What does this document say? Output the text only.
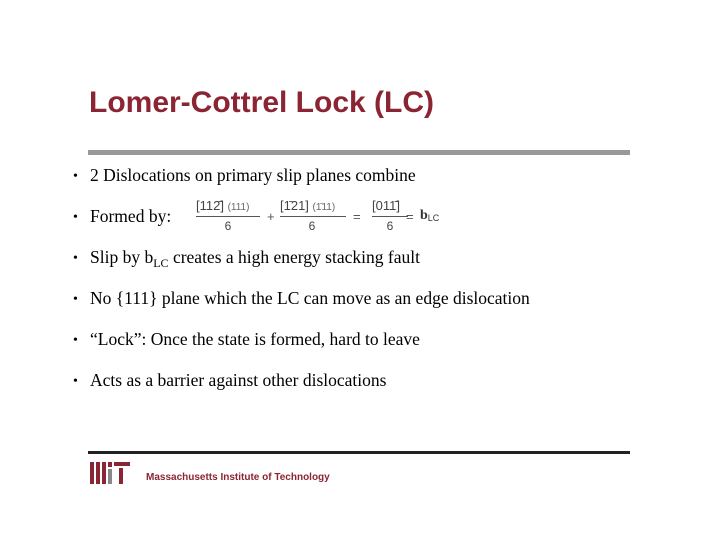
Lomer-Cottrel Lock (LC)
• 2 Dislocations on primary slip planes combine
• Formed by:
[112̄] (111)
6
+
[1̄21] (1̄11)
6
=
[011̄]
6
= bLC
• Slip by $b_{LC}$ creates a high energy stacking fault
• No {111} plane which the LC can move as an edge dislocation
• “Lock”: Once the state is formed, hard to leave
• Acts as a barrier against other dislocations
Massachusetts Institute of Technology
